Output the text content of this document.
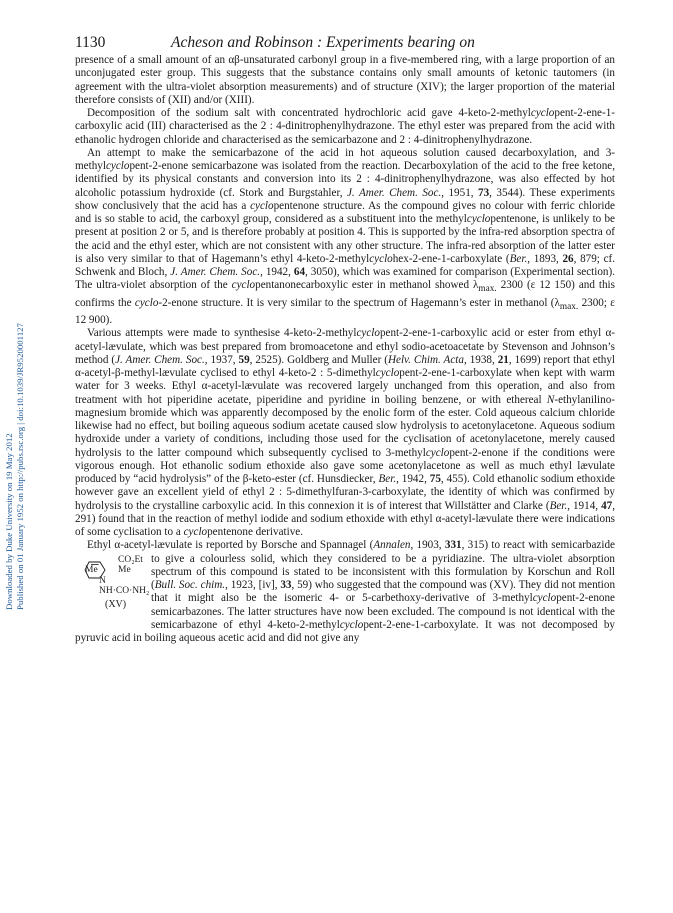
Downloaded by Duke University on 19 May 2012 Published on 01 January 1952 on http://pubs.rsc.org | doi:10.1039/JR9520001127
1130	Acheson and Robinson : Experiments bearing on

presence of a small amount of an αβ-unsaturated carbonyl group in a five-membered ring, with a large proportion of an unconjugated ester group. This suggests that the substance contains only small amounts of ketonic tautomers (in agreement with the ultra-violet absorption measurements) and of structure (XIV); the larger proportion of the material therefore consists of (XII) and/or (XIII).

Decomposition of the sodium salt with concentrated hydrochloric acid gave 4-keto-2-methylcyclopent-2-ene-1-carboxylic acid (III) characterised as the 2 : 4-dinitrophenylhydrazone. The ethyl ester was prepared from the acid with ethanolic hydrogen chloride and characterised as the semicarbazone and 2 : 4-dinitrophenylhydrazone.

An attempt to make the semicarbazone of the acid in hot aqueous solution caused decarboxylation, and 3-methylcyclopent-2-enone semicarbazone was isolated from the reaction. Decarboxylation of the acid to the free ketone, identified by its physical constants and conversion into its 2 : 4-dinitrophenylhydrazone, was also effected by hot alcoholic potassium hydroxide (cf. Stork and Burgstahler, J. Amer. Chem. Soc., 1951, 73, 3544). These experiments show conclusively that the acid has a cyclopentenone structure. As the compound gives no colour with ferric chloride and is so stable to acid, the carboxyl group, considered as a substituent into the methylcyclopentenone, is unlikely to be present at position 2 or 5, and is therefore probably at position 4. This is supported by the infra-red absorption spectra of the acid and the ethyl ester, which are not consistent with any other structure. The infra-red absorption of the latter ester is also very similar to that of Hagemann’s ethyl 4-keto-2-methylcyclohex-2-ene-1-carboxylate (Ber., 1893, 26, 879; cf. Schwenk and Bloch, J. Amer. Chem. Soc., 1942, 64, 3050), which was examined for comparison (Experimental section). The ultra-violet absorption of the cyclopentanonecarboxylic ester in methanol showed $\lambda_{max.}$ 2300 (ε 12 150) and this confirms the cyclo-2-enone structure. It is very similar to the spectrum of Hagemann’s ester in methanol ($\lambda_{max.}$ 2300; ε 12 900).

Various attempts were made to synthesise 4-keto-2-methylcyclopent-2-ene-1-carboxylic acid or ester from ethyl α-acetyl-lævulate, which was best prepared from bromoacetone and ethyl sodio-acetoacetate by Stevenson and Johnson’s method (J. Amer. Chem. Soc., 1937, 59, 2525). Goldberg and Muller (Helv. Chim. Acta, 1938, 21, 1699) report that ethyl α-acetyl-β-methyl-lævulate cyclised to ethyl 4-keto-2 : 5-dimethylcyclopent-2-ene-1-carboxylate when kept with warm water for 3 weeks. Ethyl α-acetyl-lævulate was recovered largely unchanged from this operation, and also from treatment with hot piperidine acetate, piperidine and pyridine in boiling benzene, or with ethereal N-ethylanilino-magnesium bromide which was apparently decomposed by the enolic form of the ester. Cold aqueous calcium chloride likewise had no effect, but boiling aqueous sodium acetate caused slow hydrolysis to acetonylacetone. Aqueous sodium hydroxide under a variety of conditions, including those used for the cyclisation of acetonylacetone, merely caused hydrolysis to the latter compound which subsequently cyclised to 3-methylcyclopent-2-enone if the conditions were vigorous enough. Hot ethanolic sodium ethoxide also gave some acetonylacetone as well as much ethyl lævulate produced by “acid hydrolysis” of the β-keto-ester (cf. Hunsdiecker, Ber., 1942, 75, 455). Cold ethanolic sodium ethoxide however gave an excellent yield of ethyl 2 : 5-dimethylfuran-3-carboxylate, the identity of which was confirmed by hydrolysis to the crystalline carboxylic acid. In this connexion it is of interest that Willstätter and Clarke (Ber., 1914, 47, 291) found that in the reaction of methyl iodide and sodium ethoxide with ethyl α-acetyl-lævulate there were indications of some cyclisation to a cyclopentenone derivative.

Ethyl α-acetyl-lævulate is reported by Borsche and Spannagel (Annalen, 1903, 331, 315) to react with semicarbazide to give a colourless solid, which they considered to be a
CO₂Et
Me	Me
N
NH·CO·NH₂
(XV)
pyridiazine. The ultra-violet absorption spectrum of this compound is stated to be inconsistent with this formulation by Korschun and Roll (Bull. Soc. chim., 1923, [iv], 33, 59) who suggested that the compound was (XV). They did not mention that it might also be the isomeric 4- or 5-carbethoxy-derivative of 3-methylcyclopent-2-enone semicarbazones. The latter structures have now been excluded. The compound is not identical with the semicarbazone of ethyl 4-keto-2-methylcyclopent-2-ene-1-carboxylate. It was not decomposed by pyruvic acid in boiling aqueous acetic acid and did not give any
